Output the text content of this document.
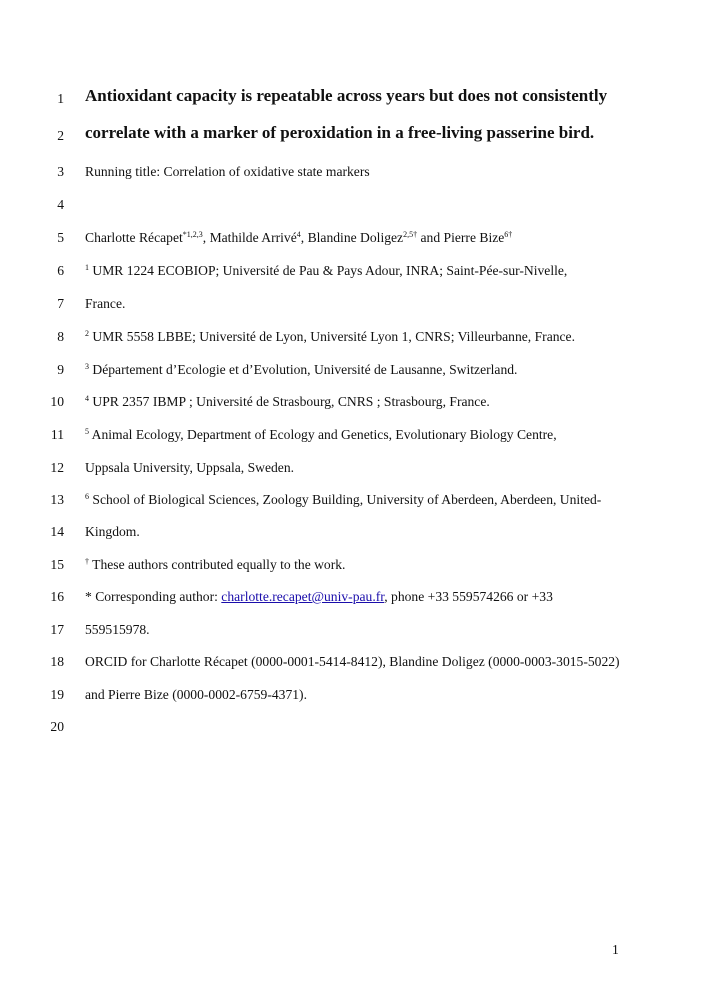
1 Antioxidant capacity is repeatable across years but does not consistently
2 correlate with a marker of peroxidation in a free-living passerine bird.
3 Running title: Correlation of oxidative state markers
4
5 Charlotte Récapet$^{*1,2,3}$, Mathilde Arrivé$^4$, Blandine Doligez$^{2,5\dagger}$ and Pierre Bize$^{6\dagger}$
6	$^1$ UMR 1224 ECOBIOP; Université de Pau & Pays Adour, INRA; Saint-Pée-sur-Nivelle,
7 France.
8	$^2$ UMR 5558 LBBE; Université de Lyon, Université Lyon 1, CNRS; Villeurbanne, France.
9	$^3$ Département d’Ecologie et d’Evolution, Université de Lausanne, Switzerland.
10	$^4$ UPR 2357 IBMP ; Université de Strasbourg, CNRS ; Strasbourg, France.
11	$^5$ Animal Ecology, Department of Ecology and Genetics, Evolutionary Biology Centre,
12 Uppsala University, Uppsala, Sweden.
13	$^6$ School of Biological Sciences, Zoology Building, University of Aberdeen, Aberdeen, United-
14 Kingdom.
15	† These authors contributed equally to the work.
16 * Corresponding author: charlotte.recapet@univ-pau.fr, phone +33 559574266 or +33
17 559515978.
18 ORCID for Charlotte Récapet (0000-0001-5414-8412), Blandine Doligez (0000-0003-3015-5022)
19 and Pierre Bize (0000-0002-6759-4371).
20
1
